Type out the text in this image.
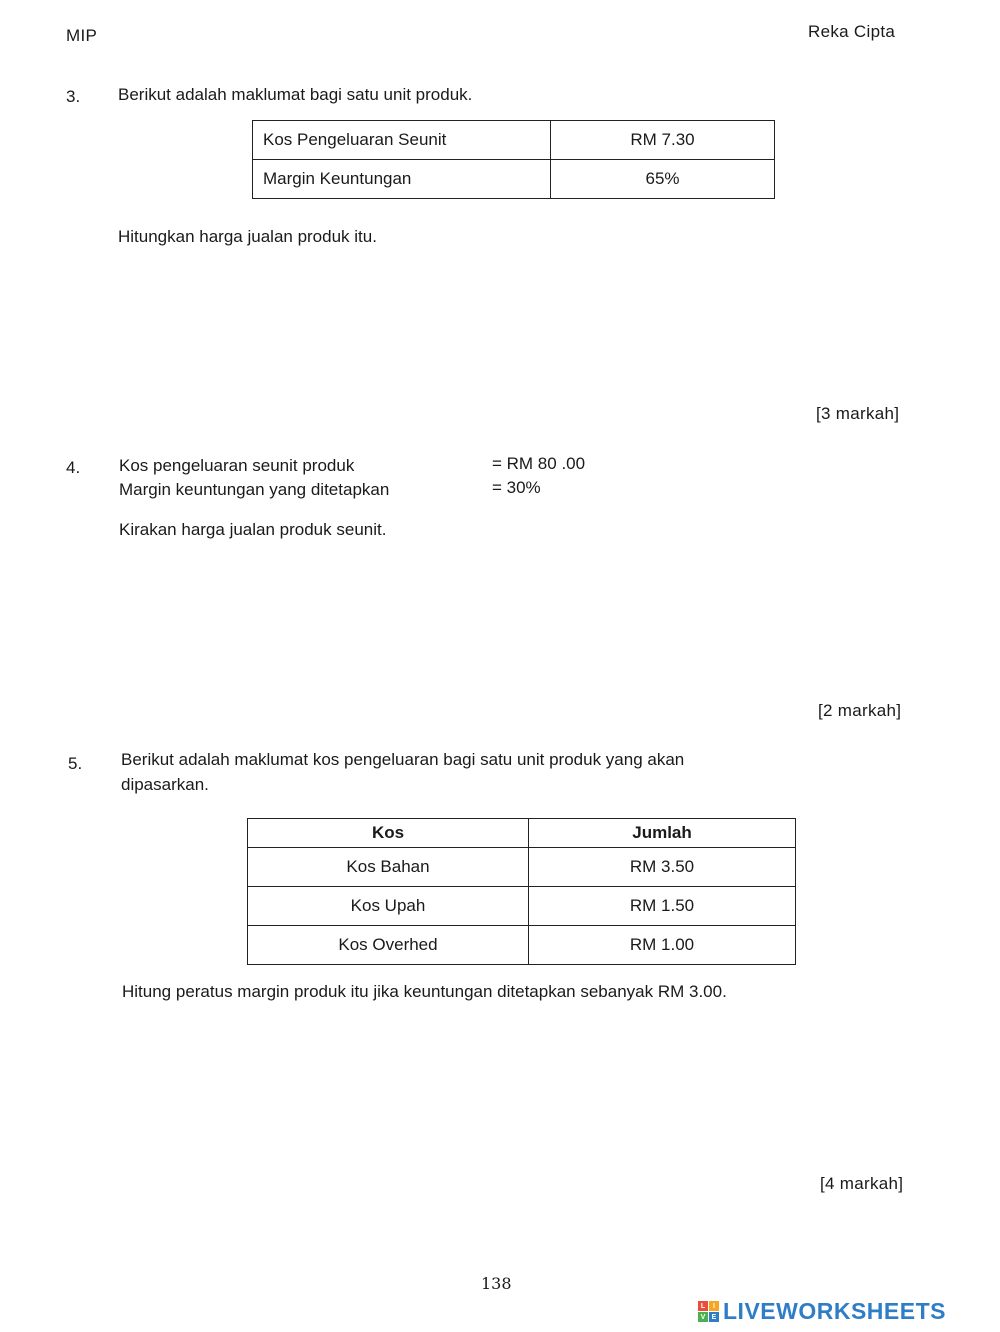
MIP	Reka Cipta
3. Berikut adalah maklumat bagi satu unit produk.
Kos Pengeluaran Seunit	RM 7.30
Margin Keuntungan	65%
Hitungkan harga jualan produk itu.
[3 markah]
4. Kos pengeluaran seunit produk	= RM 80 .00
Margin keuntungan yang ditetapkan	= 30%
Kirakan harga jualan produk seunit.
[2 markah]
5. Berikut adalah maklumat kos pengeluaran bagi satu unit produk yang akan
dipasarkan.
Kos	Jumlah
Kos Bahan	RM 3.50
Kos Upah	RM 1.50
Kos Overhed	RM 1.00
Hitung peratus margin produk itu jika keuntungan ditetapkan sebanyak RM 3.00.
[4 markah]
138
L	I
V E LIVEWORKSHEETS
